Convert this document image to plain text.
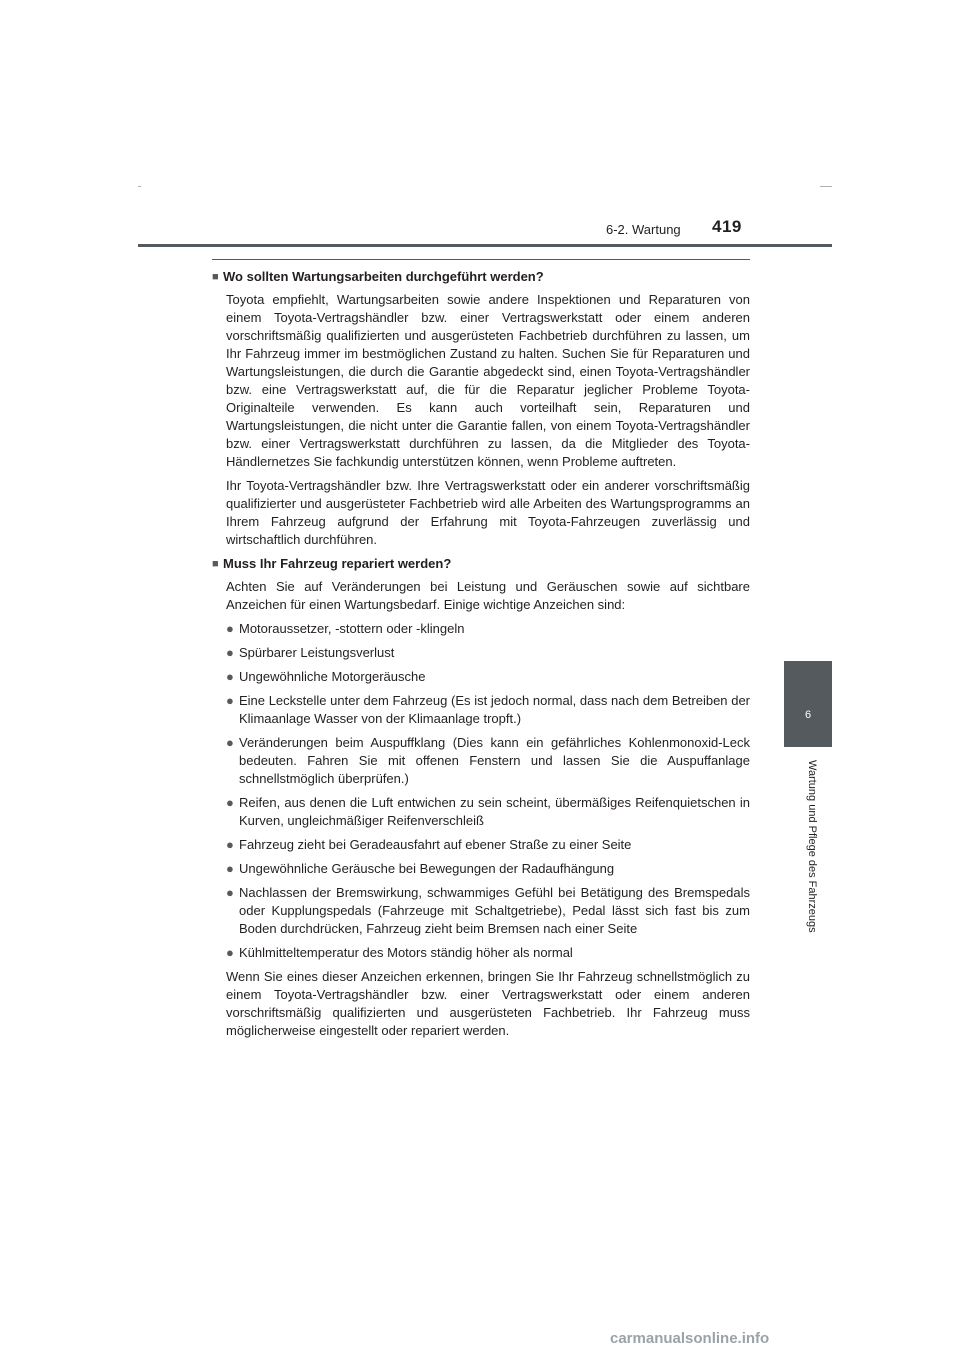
6-2. Wartung 419
6
Wartung und Pflege des Fahrzeugs
■ Wo sollten Wartungsarbeiten durchgeführt werden?

Toyota empfiehlt, Wartungsarbeiten sowie andere Inspektionen und Reparaturen von einem Toyota-Vertragshändler bzw. einer Vertragswerkstatt oder einem anderen vorschriftsmäßig qualifizierten und ausgerüsteten Fachbetrieb durchführen zu lassen, um Ihr Fahrzeug immer im bestmöglichen Zustand zu halten. Suchen Sie für Reparaturen und Wartungsleistungen, die durch die Garantie abgedeckt sind, einen Toyota-Vertragshändler bzw. eine Vertragswerkstatt auf, die für die Reparatur jeglicher Probleme Toyota-Originalteile verwenden. Es kann auch vorteilhaft sein, Reparaturen und Wartungsleistungen, die nicht unter die Garantie fallen, von einem Toyota-Vertragshändler bzw. einer Vertragswerkstatt durchführen zu lassen, da die Mitglieder des Toyota-Händlernetzes Sie fachkundig unterstützen können, wenn Probleme auftreten.

Ihr Toyota-Vertragshändler bzw. Ihre Vertragswerkstatt oder ein anderer vorschriftsmäßig qualifizierter und ausgerüsteter Fachbetrieb wird alle Arbeiten des Wartungsprogramms an Ihrem Fahrzeug aufgrund der Erfahrung mit Toyota-Fahrzeugen zuverlässig und wirtschaftlich durchführen.

■ Muss Ihr Fahrzeug repariert werden?

Achten Sie auf Veränderungen bei Leistung und Geräuschen sowie auf sichtbare Anzeichen für einen Wartungsbedarf. Einige wichtige Anzeichen sind:

● Motoraussetzer, -stottern oder -klingeln
● Spürbarer Leistungsverlust
● Ungewöhnliche Motorgeräusche
● Eine Leckstelle unter dem Fahrzeug (Es ist jedoch normal, dass nach dem Betreiben der Klimaanlage Wasser von der Klimaanlage tropft.)
● Veränderungen beim Auspuffklang (Dies kann ein gefährliches Kohlenmonoxid-Leck bedeuten. Fahren Sie mit offenen Fenstern und lassen Sie die Auspuffanlage schnellstmöglich überprüfen.)
● Reifen, aus denen die Luft entwichen zu sein scheint, übermäßiges Reifenquietschen in Kurven, ungleichmäßiger Reifenverschleiß
● Fahrzeug zieht bei Geradeausfahrt auf ebener Straße zu einer Seite
● Ungewöhnliche Geräusche bei Bewegungen der Radaufhängung
● Nachlassen der Bremswirkung, schwammiges Gefühl bei Betätigung des Bremspedals oder Kupplungspedals (Fahrzeuge mit Schaltgetriebe), Pedal lässt sich fast bis zum Boden durchdrücken, Fahrzeug zieht beim Bremsen nach einer Seite
● Kühlmitteltemperatur des Motors ständig höher als normal

Wenn Sie eines dieser Anzeichen erkennen, bringen Sie Ihr Fahrzeug schnellstmöglich zu einem Toyota-Vertragshändler bzw. einer Vertragswerkstatt oder einem anderen vorschriftsmäßig qualifizierten und ausgerüsteten Fachbetrieb. Ihr Fahrzeug muss möglicherweise eingestellt oder repariert werden.

carmanualsonline.info
